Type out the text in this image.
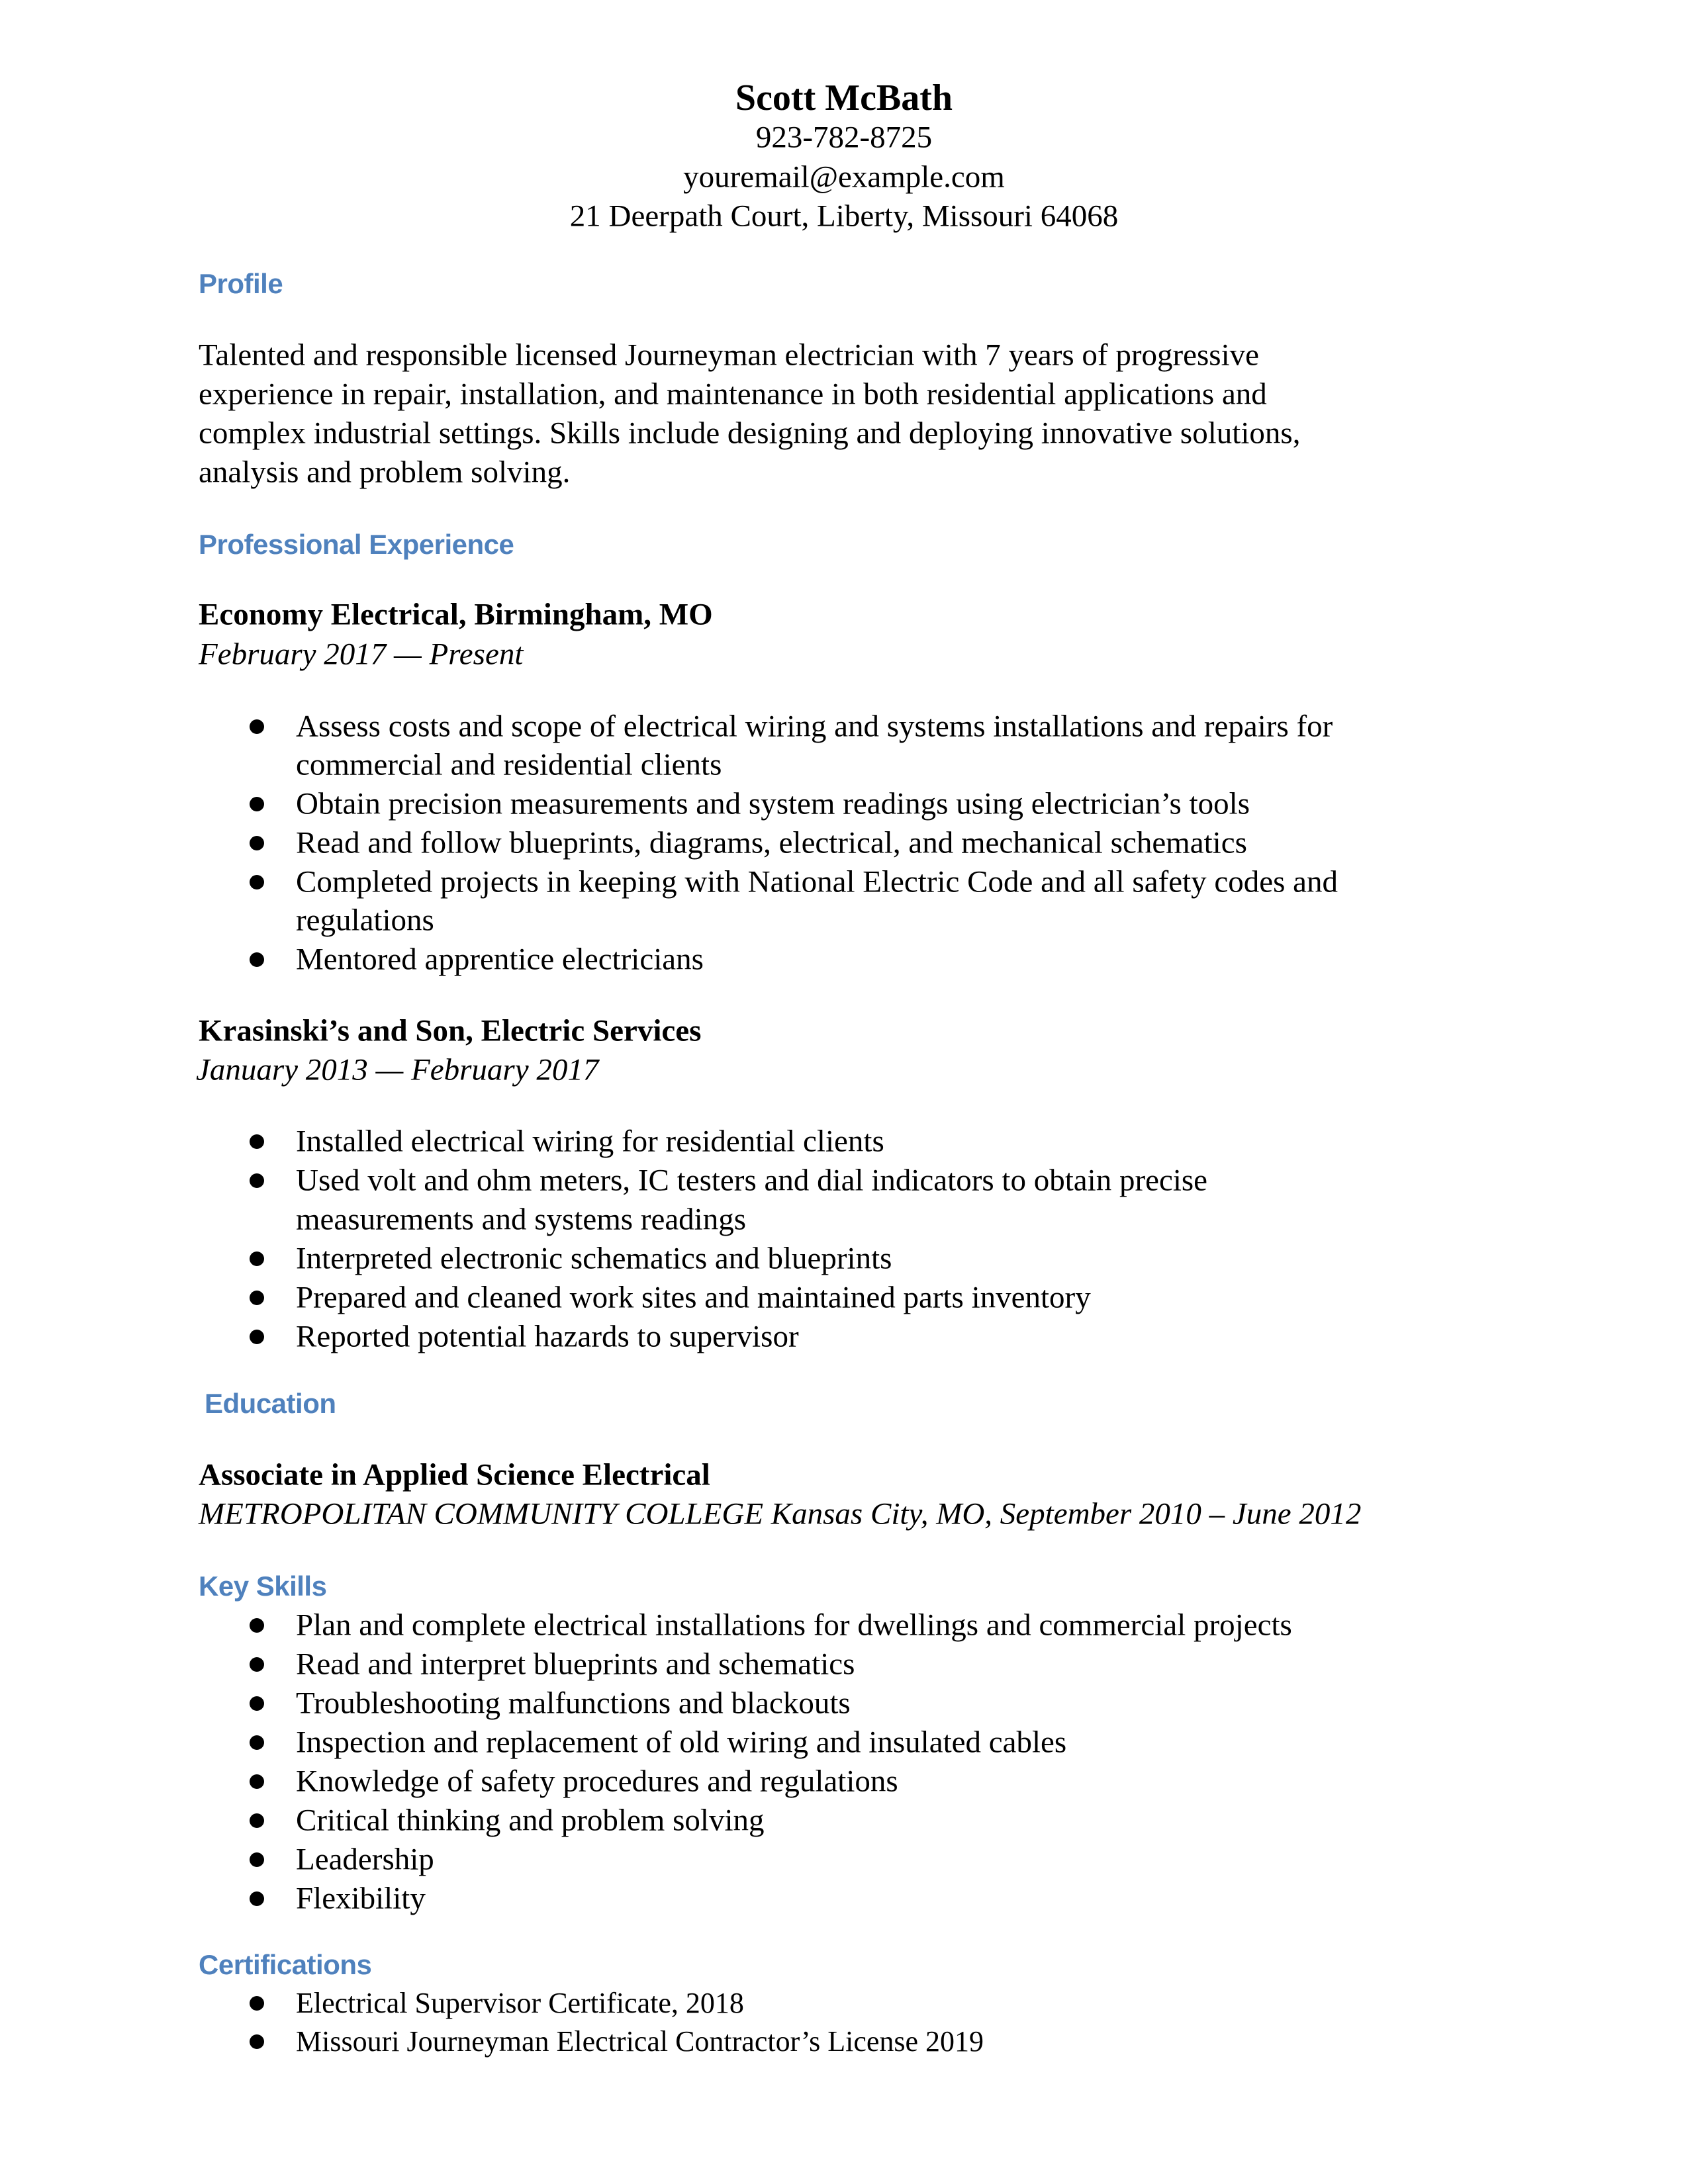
Scott McBath
923-782-8725
youremail@example.com
21 Deerpath Court, Liberty, Missouri 64068
Profile
Talented and responsible licensed Journeyman electrician with 7 years of progressive
experience in repair, installation, and maintenance in both residential applications and
complex industrial settings. Skills include designing and deploying innovative solutions,
analysis and problem solving.
Professional Experience
Economy Electrical, Birmingham, MO
February 2017 — Present
Assess costs and scope of electrical wiring and systems installations and repairs for
commercial and residential clients
Obtain precision measurements and system readings using electrician’s tools
Read and follow blueprints, diagrams, electrical, and mechanical schematics
Completed projects in keeping with National Electric Code and all safety codes and
regulations
Mentored apprentice electricians
Krasinski’s and Son, Electric Services
January 2013 — February 2017
Installed electrical wiring for residential clients
Used volt and ohm meters, IC testers and dial indicators to obtain precise
measurements and systems readings
Interpreted electronic schematics and blueprints
Prepared and cleaned work sites and maintained parts inventory
Reported potential hazards to supervisor
Education
Associate in Applied Science Electrical
METROPOLITAN COMMUNITY COLLEGE Kansas City, MO, September 2010 – June 2012
Key Skills
Plan and complete electrical installations for dwellings and commercial projects
Read and interpret blueprints and schematics
Troubleshooting malfunctions and blackouts
Inspection and replacement of old wiring and insulated cables
Knowledge of safety procedures and regulations
Critical thinking and problem solving
Leadership
Flexibility
Certifications
Electrical Supervisor Certificate, 2018
Missouri Journeyman Electrical Contractor’s License 2019
